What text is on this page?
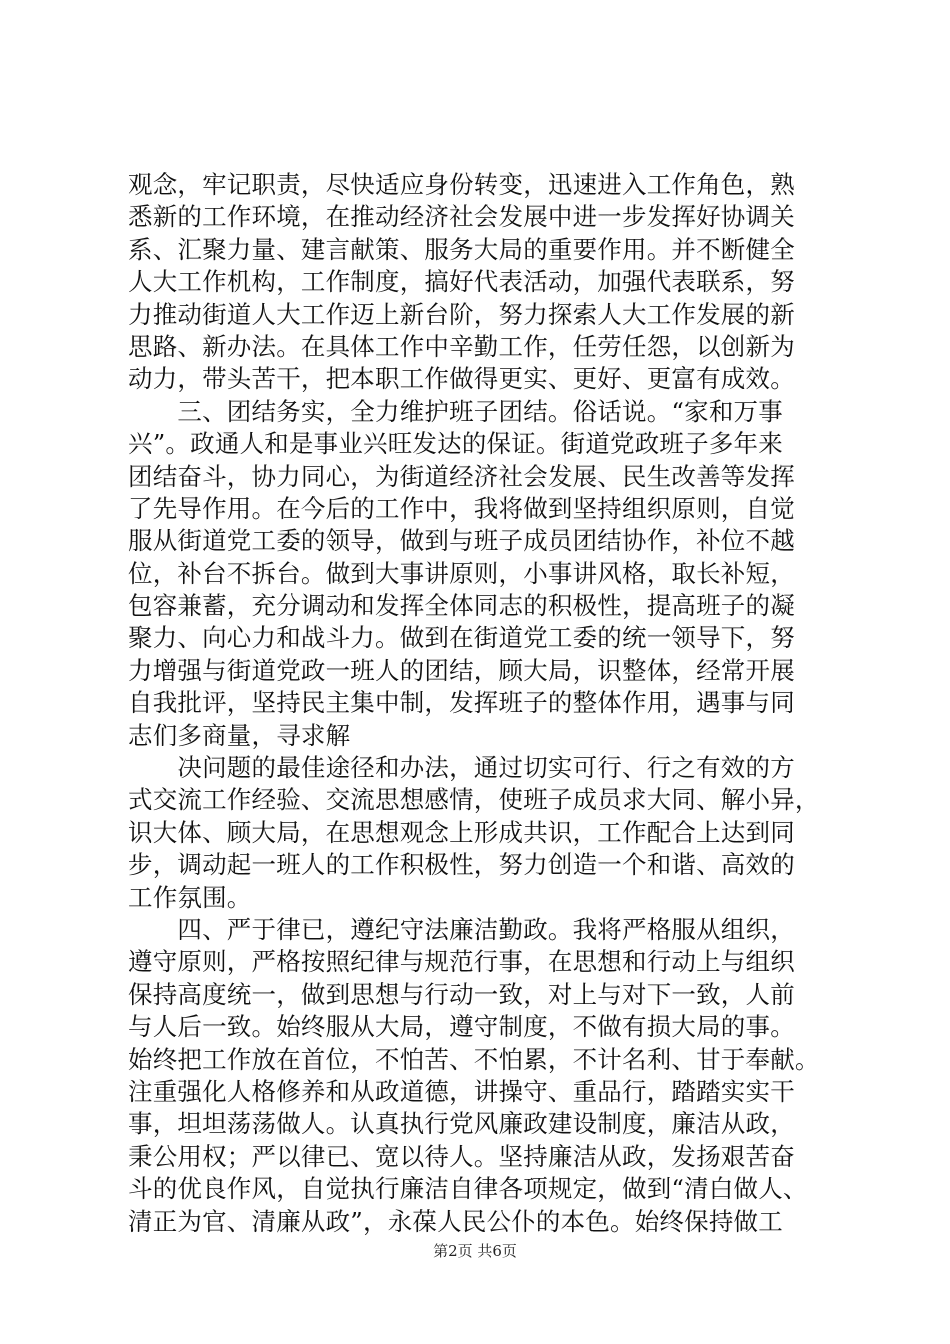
观念，牢记职责，尽快适应身份转变，迅速进入工作角色，熟
悉新的工作环境，在推动经济社会发展中进一步发挥好协调关
系、汇聚力量、建言献策、服务大局的重要作用。并不断健全
人大工作机构，工作制度，搞好代表活动，加强代表联系，努
力推动街道人大工作迈上新台阶，努力探索人大工作发展的新
思路、新办法。在具体工作中辛勤工作，任劳任怨，以创新为
动力，带头苦干，把本职工作做得更实、更好、更富有成效。
　　三、团结务实，全力维护班子团结。俗话说。“家和万事
兴”。政通人和是事业兴旺发达的保证。街道党政班子多年来
团结奋斗，协力同心，为街道经济社会发展、民生改善等发挥
了先导作用。在今后的工作中，我将做到坚持组织原则，自觉
服从街道党工委的领导，做到与班子成员团结协作，补位不越
位，补台不拆台。做到大事讲原则，小事讲风格，取长补短，
包容兼蓄，充分调动和发挥全体同志的积极性，提高班子的凝
聚力、向心力和战斗力。做到在街道党工委的统一领导下，努
力增强与街道党政一班人的团结，顾大局，识整体，经常开展
自我批评，坚持民主集中制，发挥班子的整体作用，遇事与同
志们多商量，寻求解
　　决问题的最佳途径和办法，通过切实可行、行之有效的方
式交流工作经验、交流思想感情，使班子成员求大同、解小异，
识大体、顾大局，在思想观念上形成共识，工作配合上达到同
步，调动起一班人的工作积极性，努力创造一个和谐、高效的
工作氛围。
　　四、严于律已，遵纪守法廉洁勤政。我将严格服从组织，
遵守原则，严格按照纪律与规范行事，在思想和行动上与组织
保持高度统一，做到思想与行动一致，对上与对下一致，人前
与人后一致。始终服从大局，遵守制度，不做有损大局的事。
始终把工作放在首位，不怕苦、不怕累，不计名利、甘于奉献。
注重强化人格修养和从政道德，讲操守、重品行，踏踏实实干
事，坦坦荡荡做人。认真执行党风廉政建设制度，廉洁从政，
秉公用权；严以律已、宽以待人。坚持廉洁从政，发扬艰苦奋
斗的优良作风，自觉执行廉洁自律各项规定，做到“清白做人、
清正为官、清廉从政”，永葆人民公仆的本色。始终保持做工
第2页 共6页
